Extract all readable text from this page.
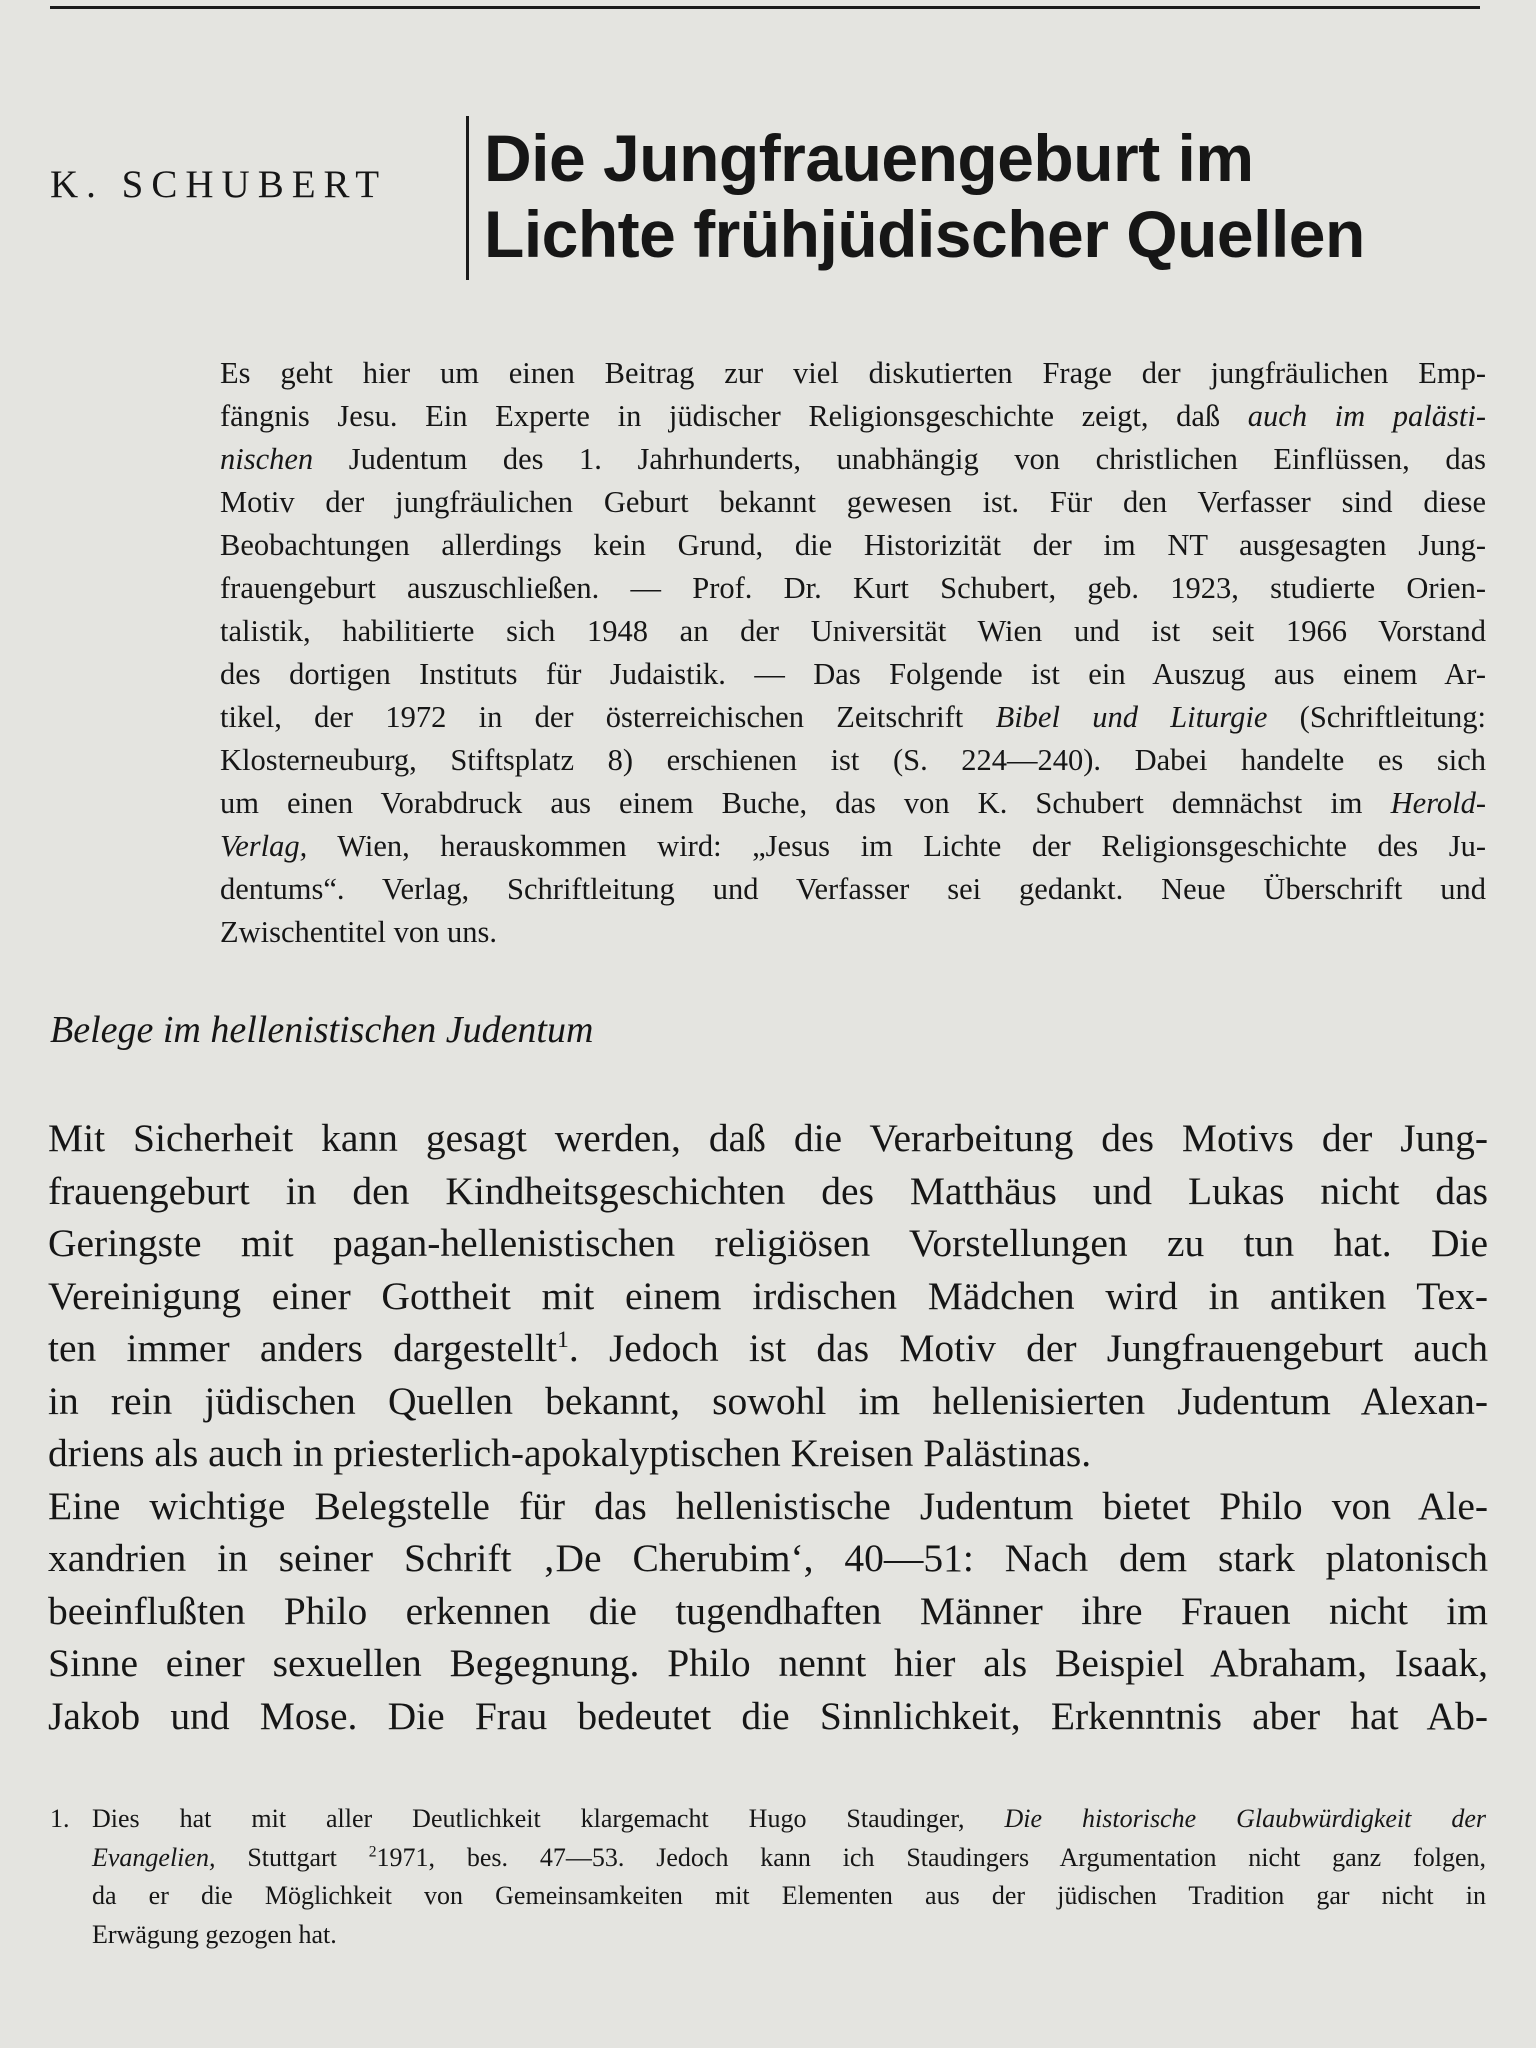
K. SCHUBERT Die Jungfrauengeburt im
Lichte frühjüdischer Quellen
Es geht hier um einen Beitrag zur viel diskutierten Frage der jungfräulichen Emp-
fängnis Jesu. Ein Experte in jüdischer Religionsgeschichte zeigt, daß auch im palästi-
nischen Judentum des 1. Jahrhunderts, unabhängig von christlichen Einflüssen, das
Motiv der jungfräulichen Geburt bekannt gewesen ist. Für den Verfasser sind diese
Beobachtungen allerdings kein Grund, die Historizität der im NT ausgesagten Jung-
frauengeburt auszuschließen. — Prof. Dr. Kurt Schubert, geb. 1923, studierte Orien-
talistik, habilitierte sich 1948 an der Universität Wien und ist seit 1966 Vorstand
des dortigen Instituts für Judaistik. — Das Folgende ist ein Auszug aus einem Ar-
tikel, der 1972 in der österreichischen Zeitschrift Bibel und Liturgie (Schriftleitung:
Klosterneuburg, Stiftsplatz 8) erschienen ist (S. 224—240). Dabei handelte es sich
um einen Vorabdruck aus einem Buche, das von K. Schubert demnächst im Herold-
Verlag, Wien, herauskommen wird: „Jesus im Lichte der Religionsgeschichte des Ju-
dentums“. Verlag, Schriftleitung und Verfasser sei gedankt. Neue Überschrift und
Zwischentitel von uns.
Belege im hellenistischen Judentum
Mit Sicherheit kann gesagt werden, daß die Verarbeitung des Motivs der Jung-
frauengeburt in den Kindheitsgeschichten des Matthäus und Lukas nicht das
Geringste mit pagan-hellenistischen religiösen Vorstellungen zu tun hat. Die
Vereinigung einer Gottheit mit einem irdischen Mädchen wird in antiken Tex-
ten immer anders dargestellt$^1$. Jedoch ist das Motiv der Jungfrauengeburt auch
in rein jüdischen Quellen bekannt, sowohl im hellenisierten Judentum Alexan-
driens als auch in priesterlich-apokalyptischen Kreisen Palästinas.
Eine wichtige Belegstelle für das hellenistische Judentum bietet Philo von Ale-
xandrien in seiner Schrift ‚De Cherubim‘, 40—51: Nach dem stark platonisch
beeinflußten Philo erkennen die tugendhaften Männer ihre Frauen nicht im
Sinne einer sexuellen Begegnung. Philo nennt hier als Beispiel Abraham, Isaak,
Jakob und Mose. Die Frau bedeutet die Sinnlichkeit, Erkenntnis aber hat Ab-
1. Dies hat mit aller Deutlichkeit klargemacht Hugo Staudinger, Die historische Glaubwürdigkeit der
Evangelien, Stuttgart $^2$1971, bes. 47—53. Jedoch kann ich Staudingers Argumentation nicht ganz folgen,
da er die Möglichkeit von Gemeinsamkeiten mit Elementen aus der jüdischen Tradition gar nicht in
Erwägung gezogen hat.
